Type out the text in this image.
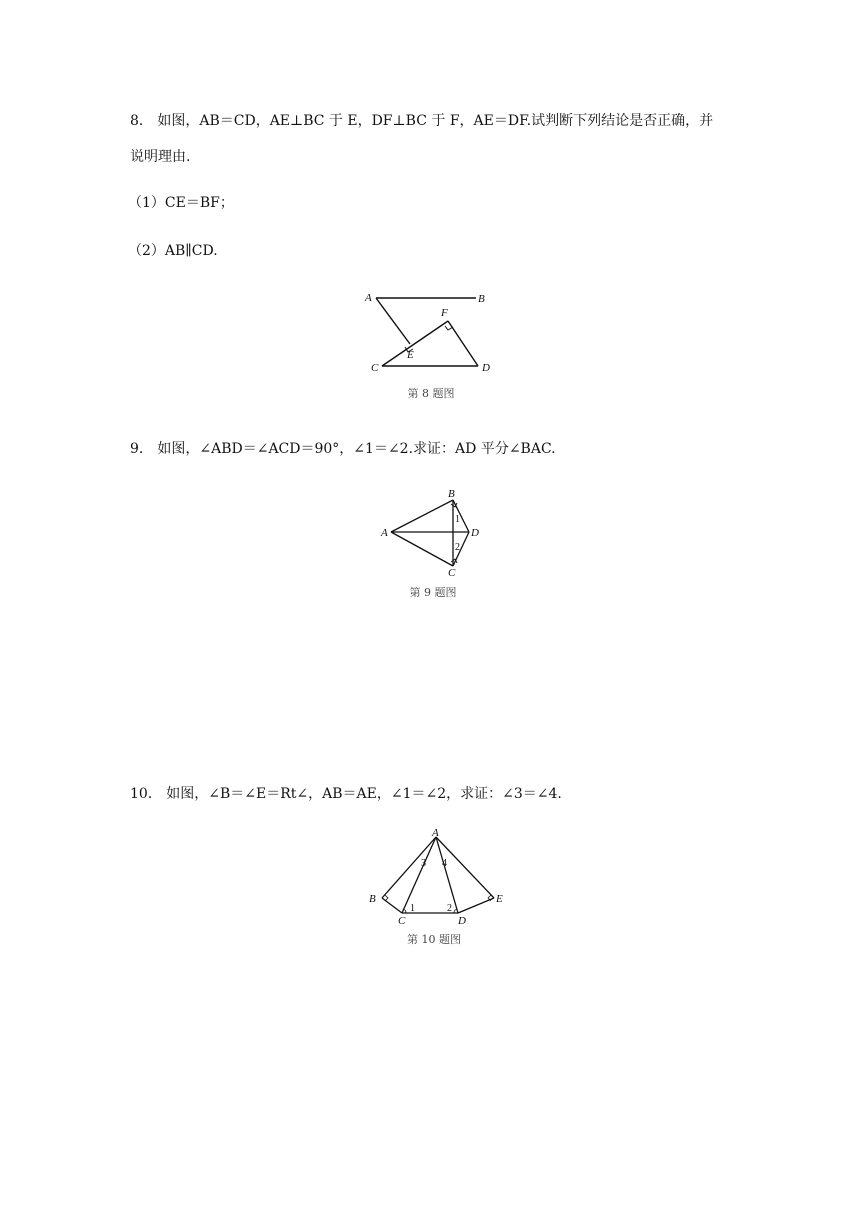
8． 如图，AB＝CD，AE⊥BC 于 E，DF⊥BC 于 F，AE＝DF.试判断下列结论是否正确，并
说明理由.
（1）CE＝BF；
（2）AB∥CD.
A	B
C	D
E
F
第 8 题图
9． 如图，∠ABD＝∠ACD＝90°，∠1＝∠2.求证：AD 平分∠BAC.
A
B
C
D
1
2
第 9 题图
10． 如图，∠B＝∠E＝Rt∠，AB＝AE，∠1＝∠2，求证：∠3＝∠4.
A
B
C	D
E
1	2
3 4
第 10 题图
